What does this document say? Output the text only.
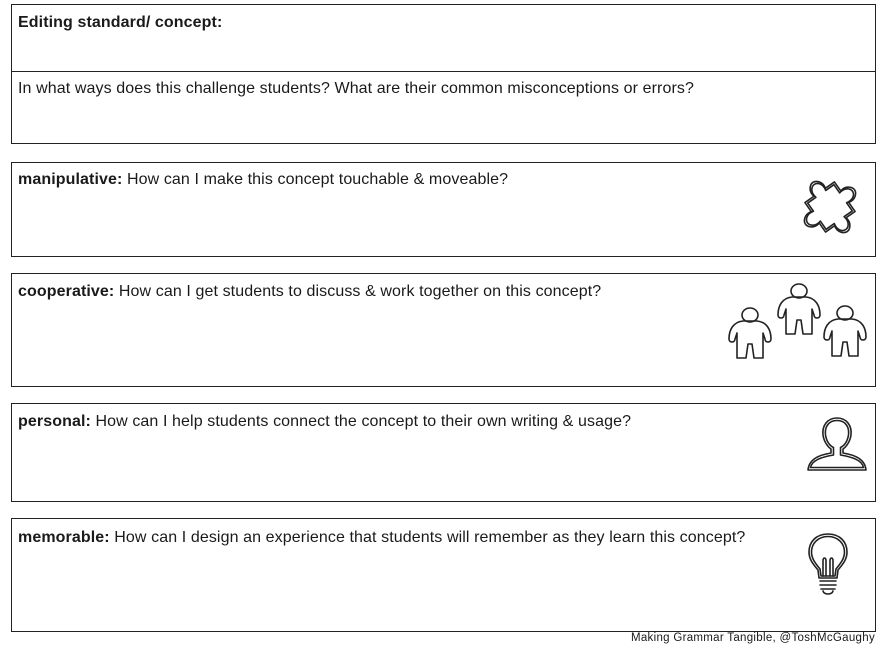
Editing standard/ concept:
In what ways does this challenge students? What are their common misconceptions or errors?
manipulative: How can I make this concept touchable & moveable?
cooperative: How can I get students to discuss & work together on this concept?
personal: How can I help students connect the concept to their own writing & usage?
memorable: How can I design an experience that students will remember as they learn this concept?
Making Grammar Tangible, @ToshMcGaughy
